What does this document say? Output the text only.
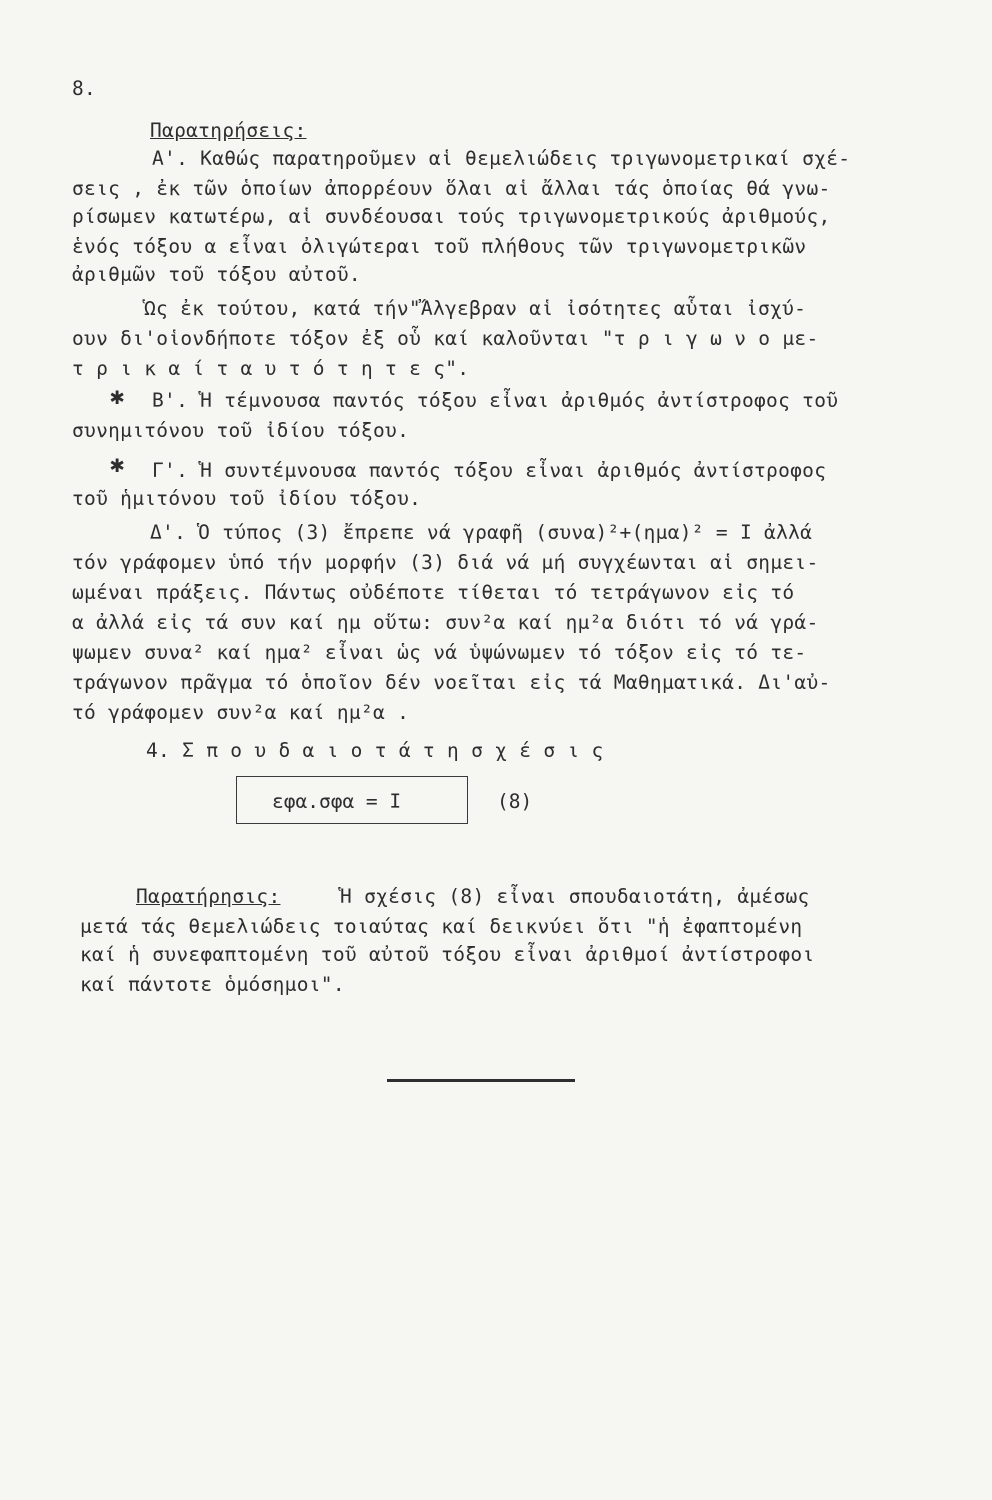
8.
Παρατηρήσεις:
Α'. Καθώς παρατηροῦμεν αἱ θεμελιώδεις τριγωνομετρικαί σχέ-
σεις , ἐκ τῶν ὁποίων ἀπορρέουν ὅλαι αἱ ἄλλαι τάς ὁποίας θά γνω-
ρίσωμεν κατωτέρω, αἱ συνδέουσαι τούς τριγωνομετρικούς ἀριθμούς,
ἑνός τόξου α εἶναι ὀλιγώτεραι τοῦ πλήθους τῶν τριγωνομετρικῶν
ἀριθμῶν τοῦ τόξου αὐτοῦ.
Ὡς ἐκ τούτου, κατά τήν"Ἄλγεβραν αἱ ἰσότητες αὗται ἰσχύ-
ουν δι'οἱονδήποτε τόξον ἐξ οὗ καί καλοῦνται "τ ρ ι γ ω ν ο με-
τ ρ ι κ α ί τ α υ τ ό τ η τ ε ς".
✱ Β'. Ἡ τέμνουσα παντός τόξου εἶναι ἀριθμός ἀντίστροφος τοῦ
συνημιτόνου τοῦ ἰδίου τόξου.
✱ Γ'. Ἡ συντέμνουσα παντός τόξου εἶναι ἀριθμός ἀντίστροφος
τοῦ ἡμιτόνου τοῦ ἰδίου τόξου.
Δ'. Ὁ τύπος (3) ἔπρεπε νά γραφῆ (συνα)²+(ημα)² = Ι ἀλλά
τόν γράφομεν ὑπό τήν μορφήν (3) διά νά μή συγχέωνται αἱ σημει-
ωμέναι πράξεις. Πάντως οὐδέποτε τίθεται τό τετράγωνον εἰς τό
α ἀλλά εἰς τά συν καί ημ οὕτω: συν²α καί ημ²α διότι τό νά γρά-
ψωμεν συνα² καί ημα² εἶναι ὡς νά ὑψώνωμεν τό τόξον εἰς τό τε-
τράγωνον πρᾶγμα τό ὁποῖον δέν νοεῖται εἰς τά Μαθηματικά. Δι'αὐ-
τό γράφομεν συν²α καί ημ²α .
4. Σ π ο υ δ α ι ο τ ά τ η σ χ έ σ ι ς
εφα.σφα = Ι	(8)
Παρατήρησις:	Ἡ σχέσις (8) εἶναι σπουδαιοτάτη, ἀμέσως
μετά τάς θεμελιώδεις τοιαύτας καί δεικνύει ὅτι "ἡ ἐφαπτομένη
καί ἡ συνεφαπτομένη τοῦ αὐτοῦ τόξου εἶναι ἀριθμοί ἀντίστροφοι
καί πάντοτε ὁμόσημοι".
